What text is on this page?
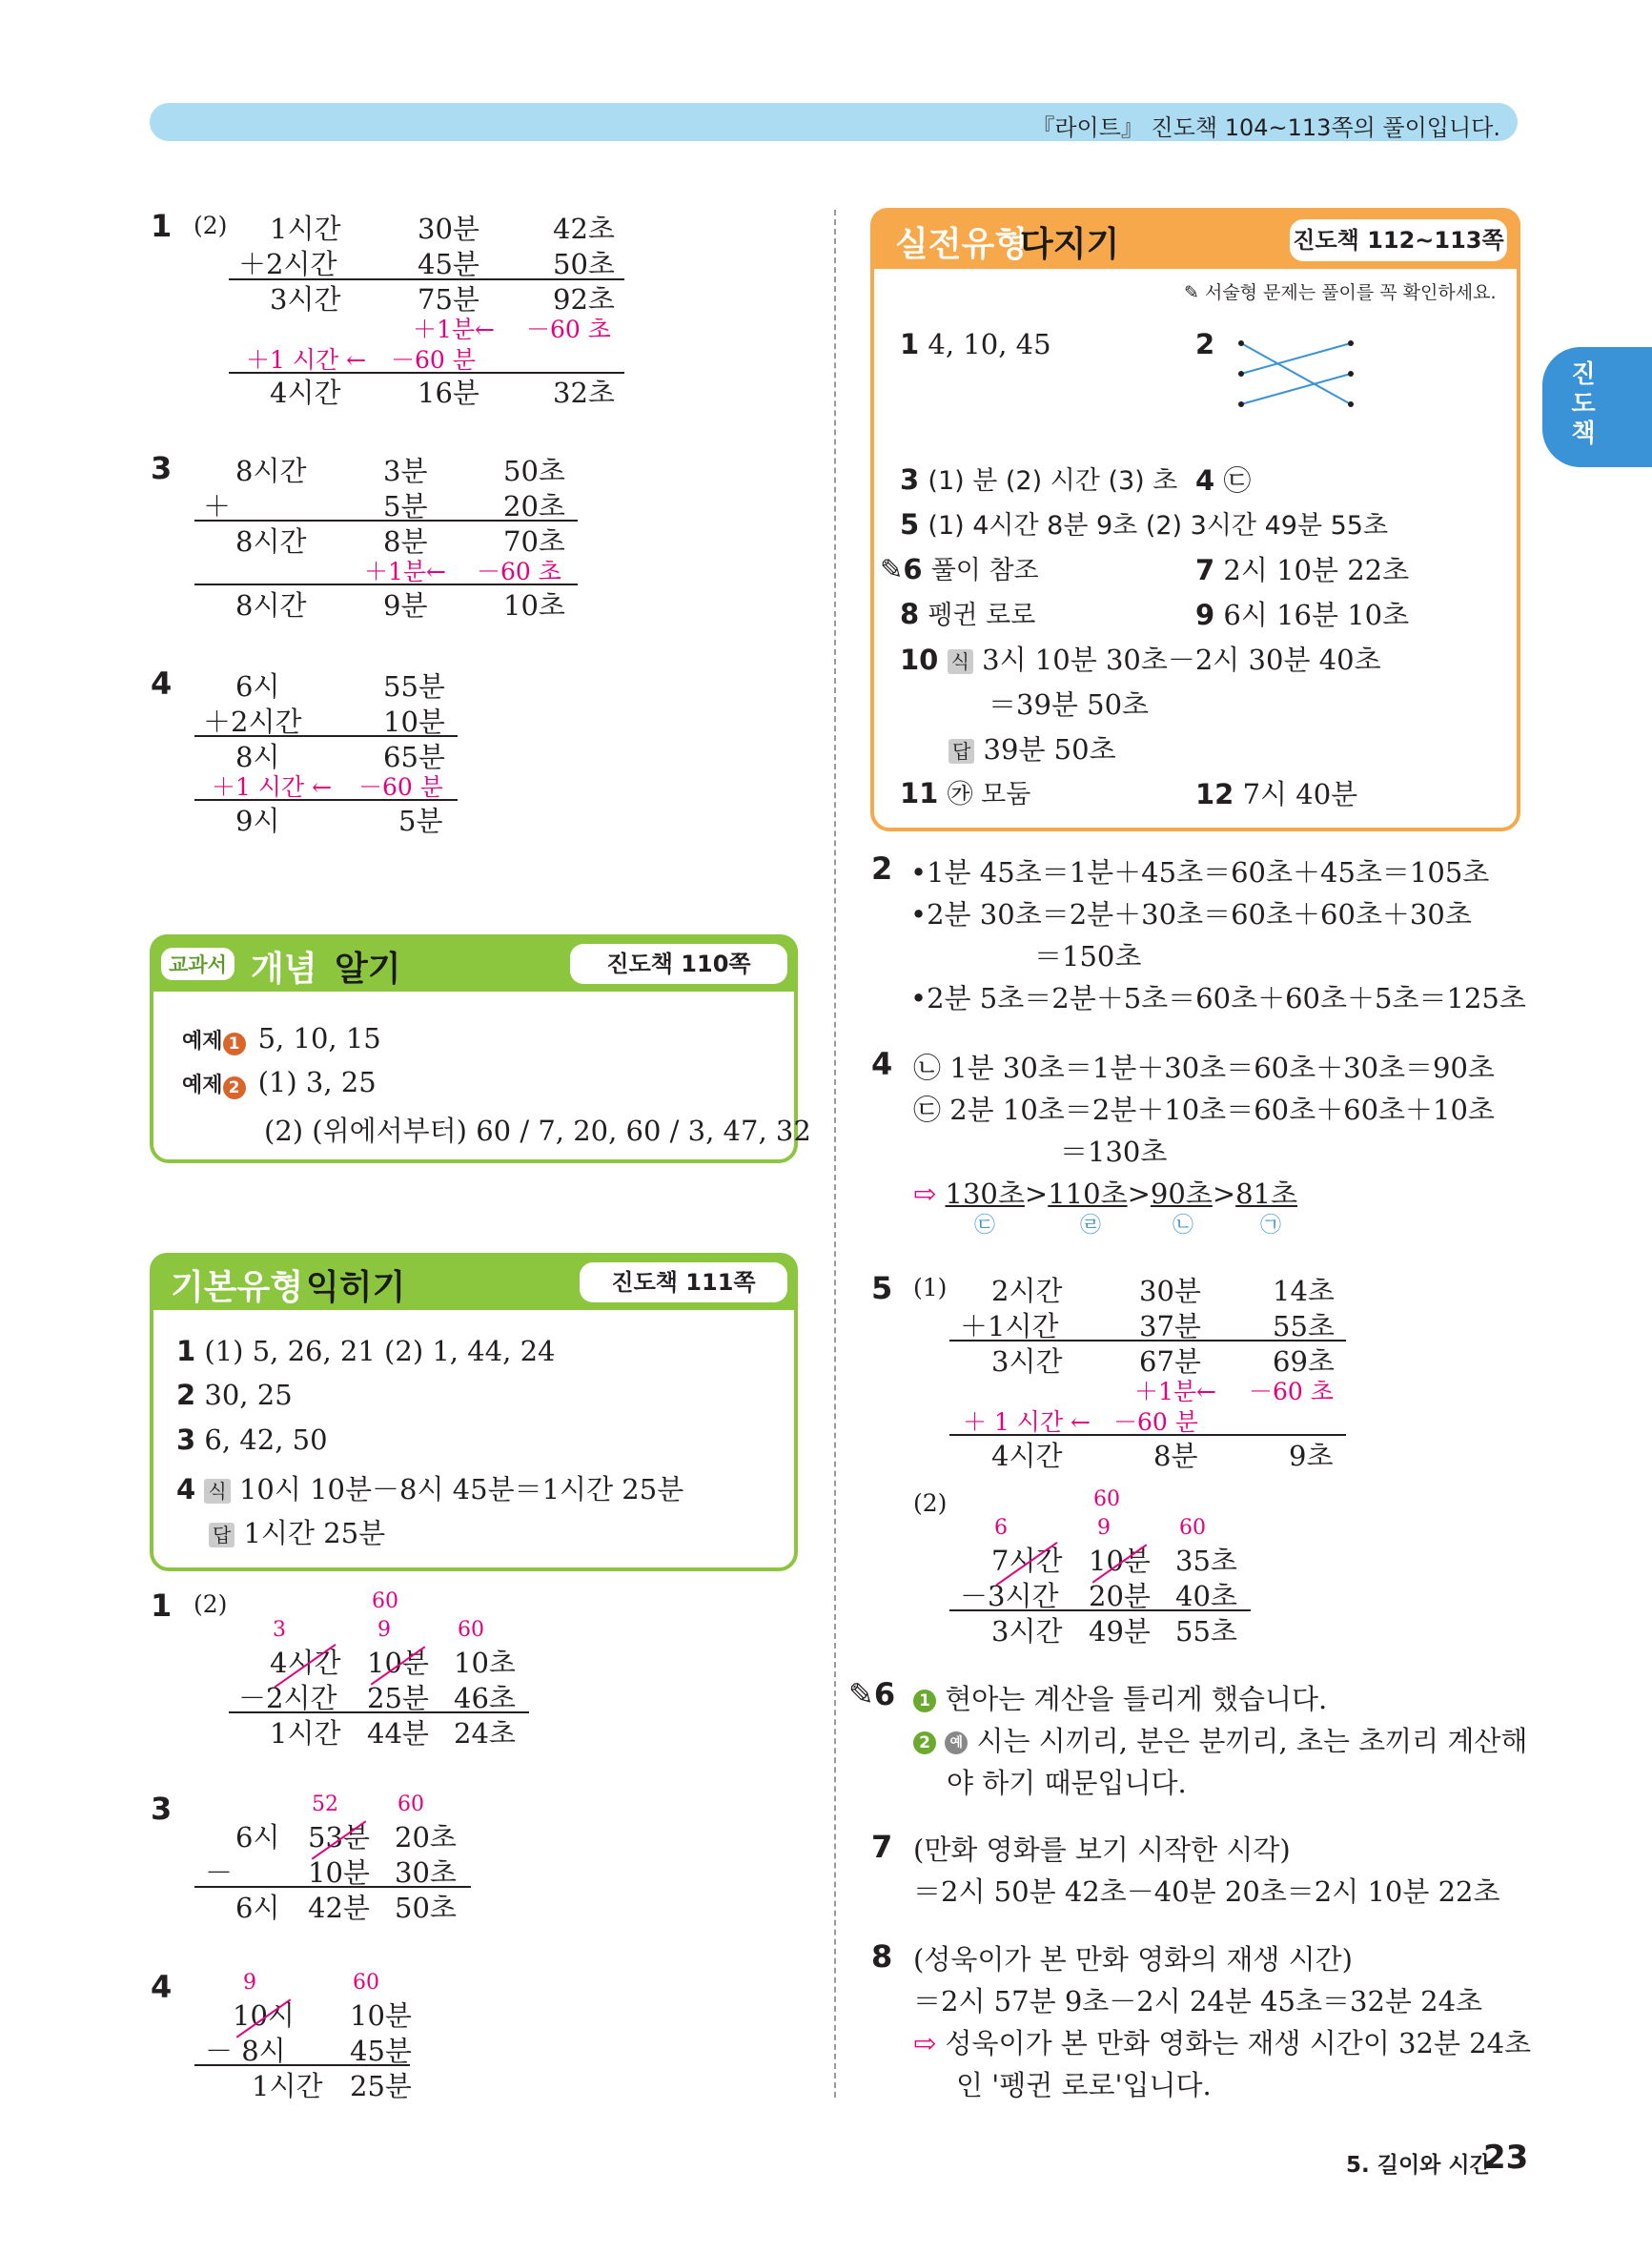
『라이트』 진도책 104~113쪽의 풀이입니다.
진도책
1 (2) 1시간	30분	42초
＋2시간	45분	50초
3시간	75분	92초
＋1분← －60 초
＋1 시간 ← －60 분
4시간	16분	32초
3 8시간	3분	50초
＋	5분	20초
8시간	8분	70초
＋1분← －60 초
8시간	9분	10초
4 6시	55분
＋2시간	10분
8시	65분
＋1 시간 ← －60 분
9시	5분
교과서 개념 알기	진도책 110쪽
예제 1 5, 10, 15
예제 2 (1) 3, 25
(2) (위에서부터) 60 / 7, 20, 60 / 3, 47, 32
기본유형 익히기	진도책 111쪽
1 (1) 5, 26, 21 (2) 1, 44, 24
2 30, 25
3 6, 42, 50
4 식 10시 10분－8시 45분＝1시간 25분
답 1시간 25분
1 (2)	60
3	9	60
4시간 10분 10초
－2시간 25분 46초
1시간 44분 24초
3	52	60
6시 53분 20초
－	10분 30초
6시 42분 50초
4	9	60
10시 10분
－ 8시 45분
1시간 25분
실전유형
다지기	진도책 112~113쪽
✎ 서술형 문제는 풀이를 꼭 확인하세요.
1 4, 10, 45	2
3 (1) 분 (2) 시간 (3) 초 4 ㉢
5 (1) 4시간 8분 9초 (2) 3시간 49분 55초
✎6 풀이 참조	7 2시 10분 22초
8 펭귄 로로	9 6시 16분 10초
10 식 3시 10분 30초－2시 30분 40초
＝39분 50초
답 39분 50초
11 ㉮ 모둠	12 7시 40분
2 •1분 45초＝1분＋45초＝60초＋45초＝105초
•2분 30초＝2분＋30초＝60초＋60초＋30초
＝150초
•2분 5초＝2분＋5초＝60초＋60초＋5초＝125초
4 ㉡ 1분 30초＝1분＋30초＝60초＋30초＝90초
㉢ 2분 10초＝2분＋10초＝60초＋60초＋10초
＝130초
⇨ 130초>110초>90초>81초
㉢	㉣	㉡	㉠
5 (1) 2시간	30분	14초
＋1시간	37분	55초
3시간	67분	69초
＋1분← －60 초
＋ 1 시간 ← －60 분
4시간	8분	9초
(2)	60
6	9	60
7시간 10분 35초
－3시간 20분 40초
3시간 49분 55초
✎6	1 현아는 계산을 틀리게 했습니다.
2 예 시는 시끼리, 분은 분끼리, 초는 초끼리 계산해
야 하기 때문입니다.
7 (만화 영화를 보기 시작한 시각)
＝2시 50분 42초－40분 20초＝2시 10분 22초
8 (성욱이가 본 만화 영화의 재생 시간)
＝2시 57분 9초－2시 24분 45초＝32분 24초
⇨ 성욱이가 본 만화 영화는 재생 시간이 32분 24초
인 '펭귄 로로'입니다.
5. 길이와 시간
23
